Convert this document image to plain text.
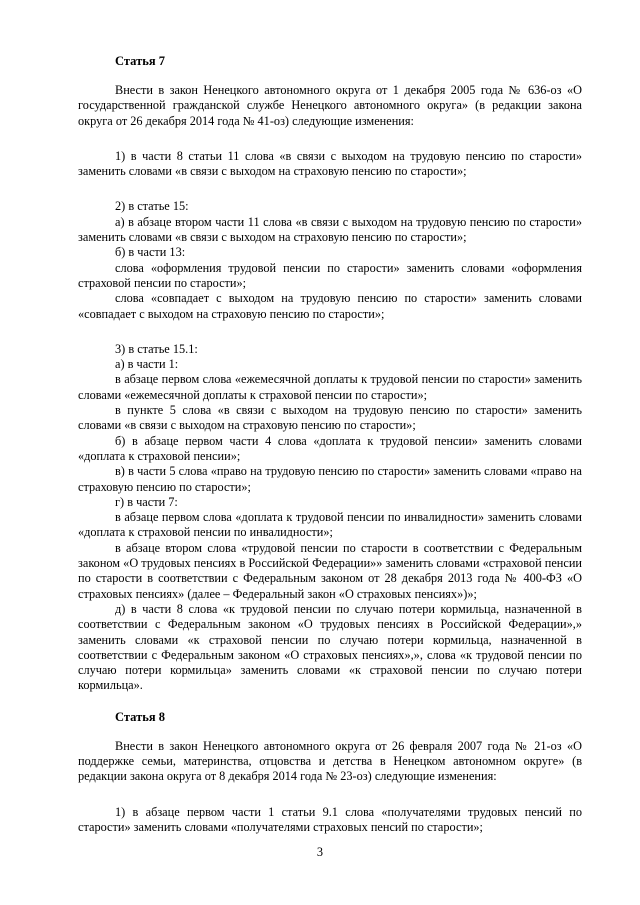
Статья 7

Внести в закон Ненецкого автономного округа от 1 декабря 2005 года № 636-оз «О государственной гражданской службе Ненецкого автономного округа» (в редакции закона округа от 26 декабря 2014 года № 41-оз) следующие изменения:

1) в части 8 статьи 11 слова «в связи с выходом на трудовую пенсию по старости» заменить словами «в связи с выходом на страховую пенсию по старости»;

2) в статье 15:

а) в абзаце втором части 11 слова «в связи с выходом на трудовую пенсию по старости» заменить словами «в связи с выходом на страховую пенсию по старости»;

б) в части 13:

слова «оформления трудовой пенсии по старости» заменить словами «оформления страховой пенсии по старости»;

слова «совпадает с выходом на трудовую пенсию по старости» заменить словами «совпадает с выходом на страховую пенсию по старости»;

3) в статье 15.1:

а) в части 1:

в абзаце первом слова «ежемесячной доплаты к трудовой пенсии по старости» заменить словами «ежемесячной доплаты к страховой пенсии по старости»;

в пункте 5 слова «в связи с выходом на трудовую пенсию по старости» заменить словами «в связи с выходом на страховую пенсию по старости»;

б) в абзаце первом части 4 слова «доплата к трудовой пенсии» заменить словами «доплата к страховой пенсии»;

в) в части 5 слова «право на трудовую пенсию по старости» заменить словами «право на страховую пенсию по старости»;

г) в части 7:

в абзаце первом слова «доплата к трудовой пенсии по инвалидности» заменить словами «доплата к страховой пенсии по инвалидности»;

в абзаце втором слова «трудовой пенсии по старости в соответствии с Федеральным законом «О трудовых пенсиях в Российской Федерации»» заменить словами «страховой пенсии по старости в соответствии с Федеральным законом от 28 декабря 2013 года № 400-ФЗ «О страховых пенсиях» (далее – Федеральный закон «О страховых пенсиях»)»;

д) в части 8 слова «к трудовой пенсии по случаю потери кормильца, назначенной в соответствии с Федеральным законом «О трудовых пенсиях в Российской Федерации»,» заменить словами «к страховой пенсии по случаю потери кормильца, назначенной в соответствии с Федеральным законом «О страховых пенсиях»,», слова «к трудовой пенсии по случаю потери кормильца» заменить словами «к страховой пенсии по случаю потери кормильца».

Статья 8

Внести в закон Ненецкого автономного округа от 26 февраля 2007 года № 21-оз «О поддержке семьи, материнства, отцовства и детства в Ненецком автономном округе» (в редакции закона округа от 8 декабря 2014 года № 23-оз) следующие изменения:

1) в абзаце первом части 1 статьи 9.1 слова «получателями трудовых пенсий по старости» заменить словами «получателями страховых пенсий по старости»;

3
